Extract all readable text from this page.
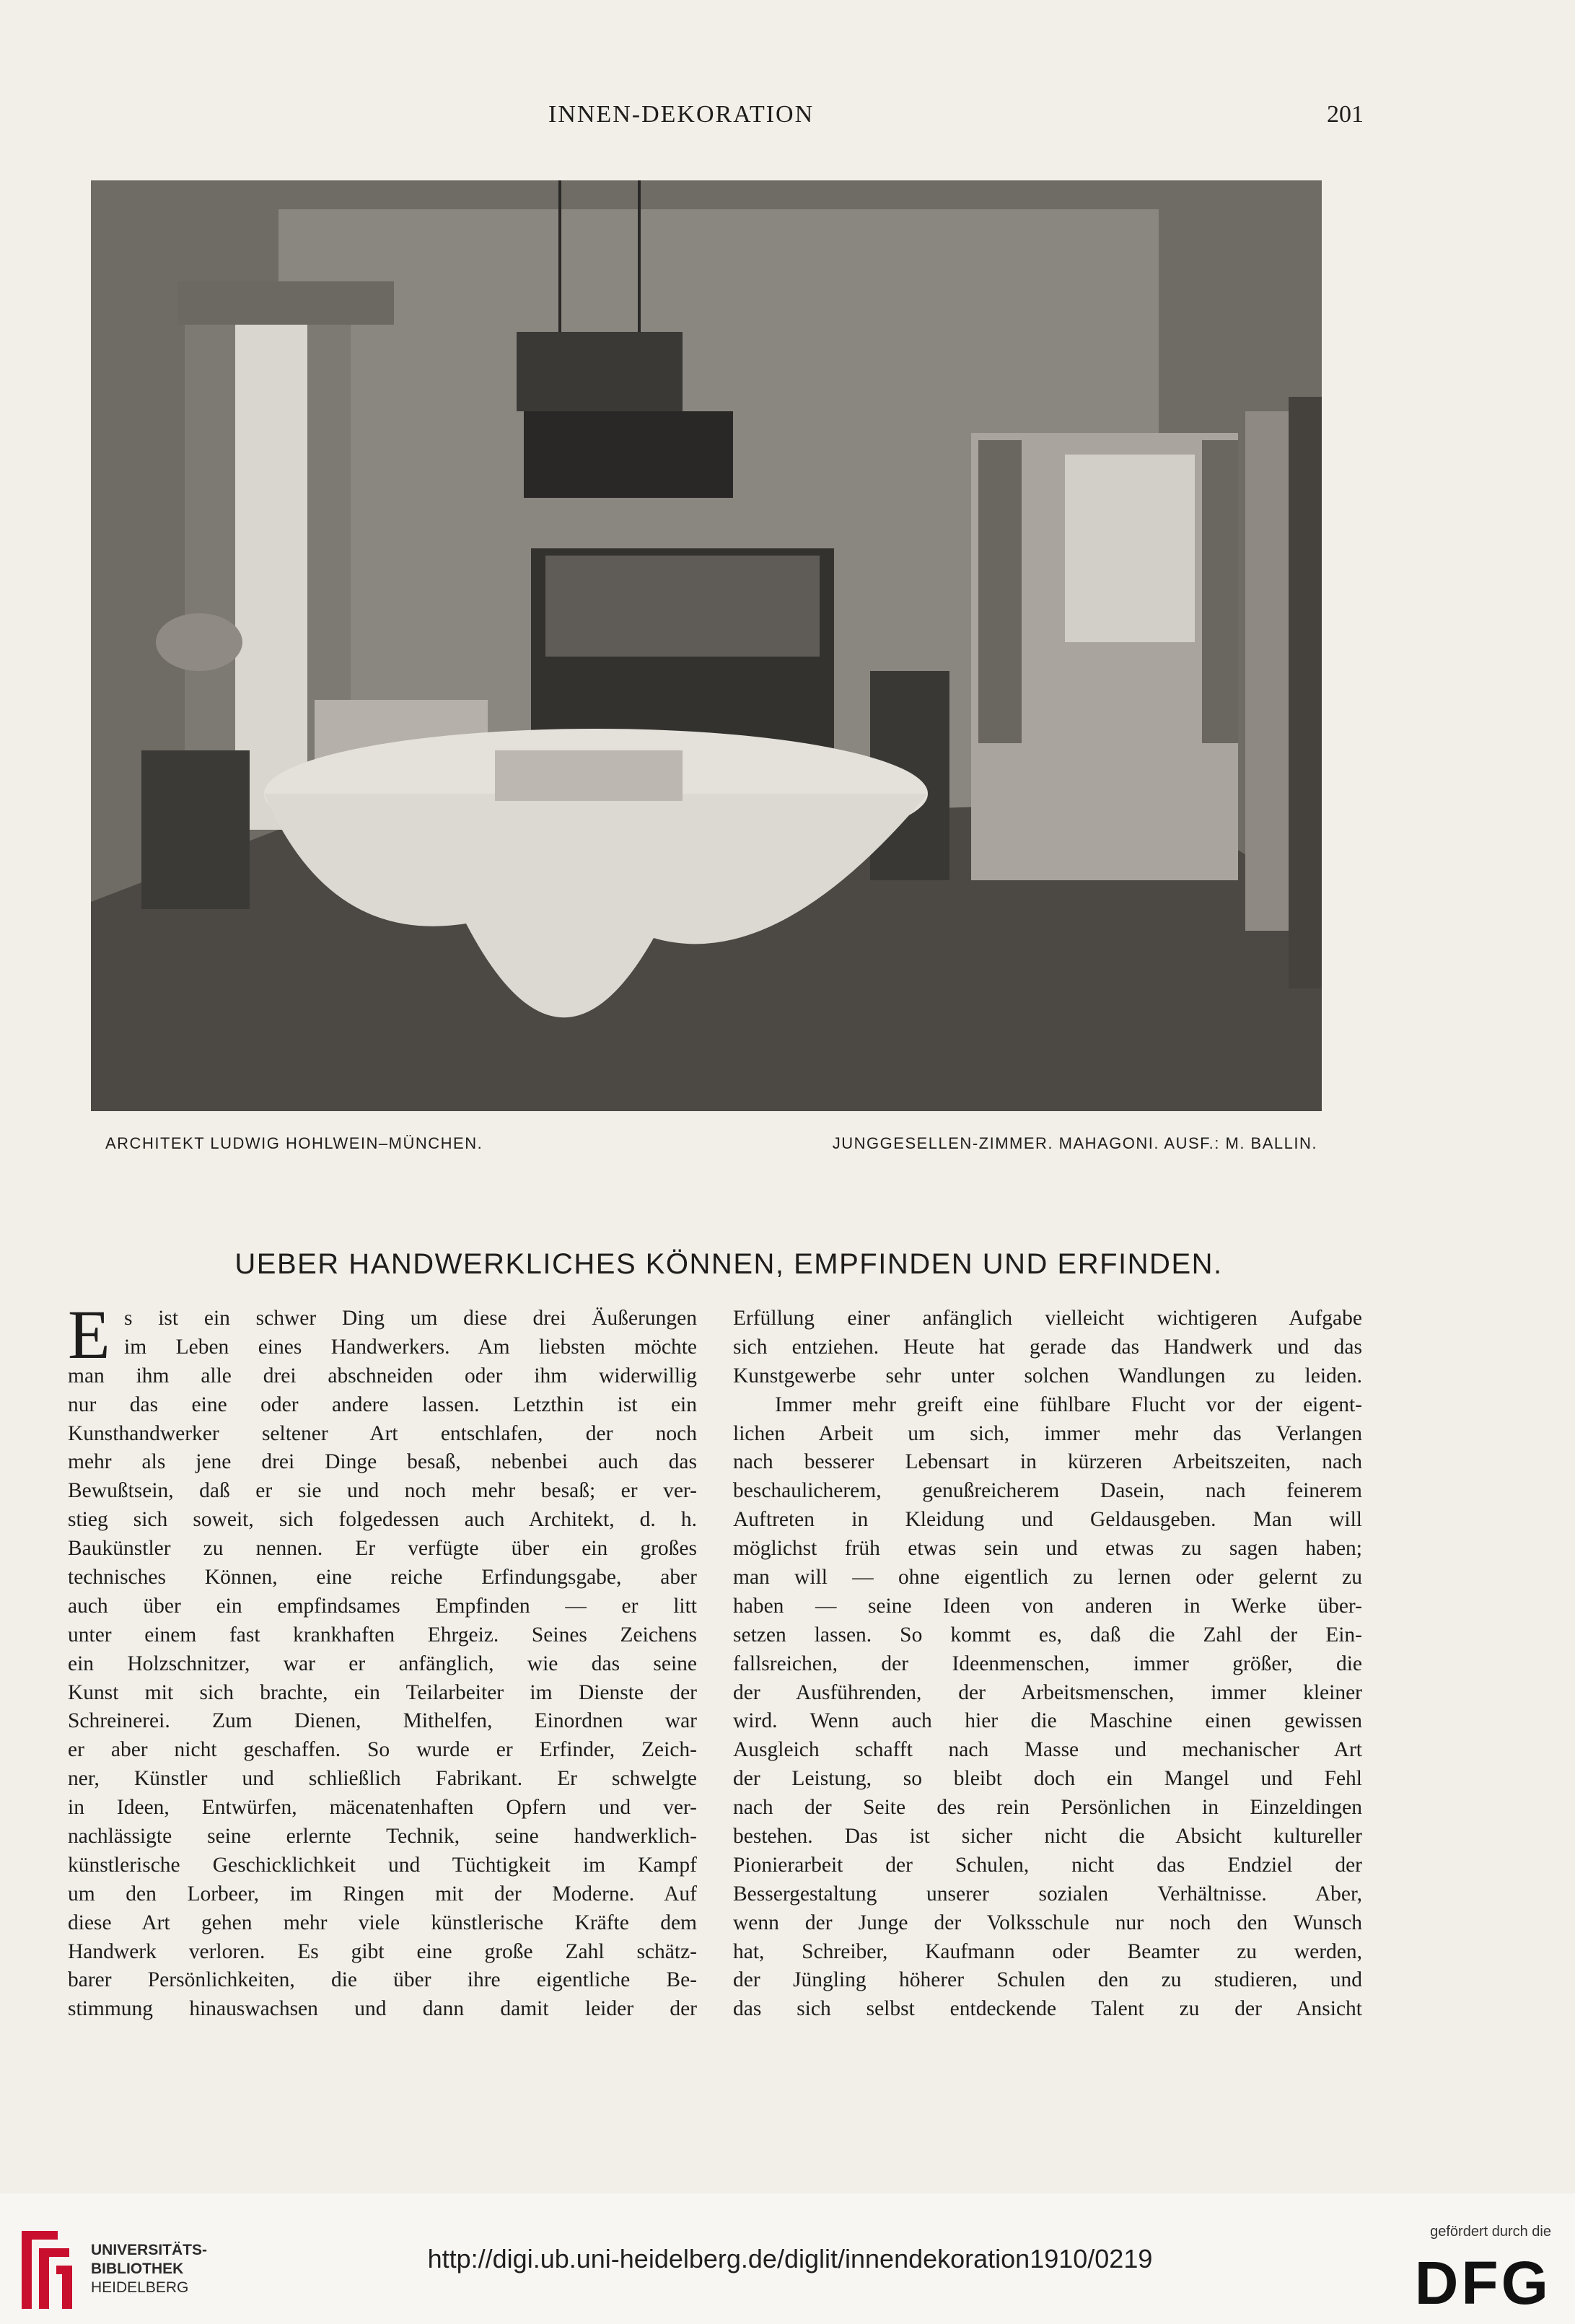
INNEN-DEKORATION	201
ARCHITEKT LUDWIG HOHLWEIN–MÜNCHEN.	JUNGGESELLEN-ZIMMER. MAHAGONI. AUSF.: M. BALLIN.
UEBER HANDWERKLICHES KÖNNEN, EMPFINDEN UND ERFINDEN.
E s ist ein schwer Ding um diese drei Äußerungen
im Leben eines Handwerkers. Am liebsten möchte
man ihm alle drei abschneiden oder ihm widerwillig
nur das eine oder andere lassen. Letzthin ist ein
Kunsthandwerker seltener Art entschlafen, der noch
mehr als jene drei Dinge besaß, nebenbei auch das
Bewußtsein, daß er sie und noch mehr besaß; er ver-
stieg sich soweit, sich folgedessen auch Architekt, d. h.
Baukünstler zu nennen. Er verfügte über ein großes
technisches Können, eine reiche Erfindungsgabe, aber
auch über ein empfindsames Empfinden — er litt
unter einem fast krankhaften Ehrgeiz. Seines Zeichens
ein Holzschnitzer, war er anfänglich, wie das seine
Kunst mit sich brachte, ein Teilarbeiter im Dienste der
Schreinerei. Zum Dienen, Mithelfen, Einordnen war
er aber nicht geschaffen. So wurde er Erfinder, Zeich-
ner, Künstler und schließlich Fabrikant. Er schwelgte
in Ideen, Entwürfen, mäcenatenhaften Opfern und ver-
nachlässigte seine erlernte Technik, seine handwerklich-
künstlerische Geschicklichkeit und Tüchtigkeit im Kampf
um den Lorbeer, im Ringen mit der Moderne. Auf
diese Art gehen mehr viele künstlerische Kräfte dem
Handwerk verloren. Es gibt eine große Zahl schätz-
barer Persönlichkeiten, die über ihre eigentliche Be-
stimmung hinauswachsen und dann damit leider der
Erfüllung einer anfänglich vielleicht wichtigeren Aufgabe
sich entziehen. Heute hat gerade das Handwerk und das
Kunstgewerbe sehr unter solchen Wandlungen zu leiden.
Immer mehr greift eine fühlbare Flucht vor der eigent-
lichen Arbeit um sich, immer mehr das Verlangen
nach besserer Lebensart in kürzeren Arbeitszeiten, nach
beschaulicherem, genußreicherem Dasein, nach feinerem
Auftreten in Kleidung und Geldausgeben. Man will
möglichst früh etwas sein und etwas zu sagen haben;
man will — ohne eigentlich zu lernen oder gelernt zu
haben — seine Ideen von anderen in Werke über-
setzen lassen. So kommt es, daß die Zahl der Ein-
fallsreichen, der Ideenmenschen, immer größer, die
der Ausführenden, der Arbeitsmenschen, immer kleiner
wird. Wenn auch hier die Maschine einen gewissen
Ausgleich schafft nach Masse und mechanischer Art
der Leistung, so bleibt doch ein Mangel und Fehl
nach der Seite des rein Persönlichen in Einzeldingen
bestehen. Das ist sicher nicht die Absicht kultureller
Pionierarbeit der Schulen, nicht das Endziel der
Bessergestaltung unserer sozialen Verhältnisse. Aber,
wenn der Junge der Volksschule nur noch den Wunsch
hat, Schreiber, Kaufmann oder Beamter zu werden,
der Jüngling höherer Schulen den zu studieren, und
das sich selbst entdeckende Talent zu der Ansicht
UNIVERSITÄTS-
BIBLIOTHEK
HEIDELBERG
http://digi.ub.uni-heidelberg.de/diglit/innendekoration1910/0219
gefördert durch die
DFG
